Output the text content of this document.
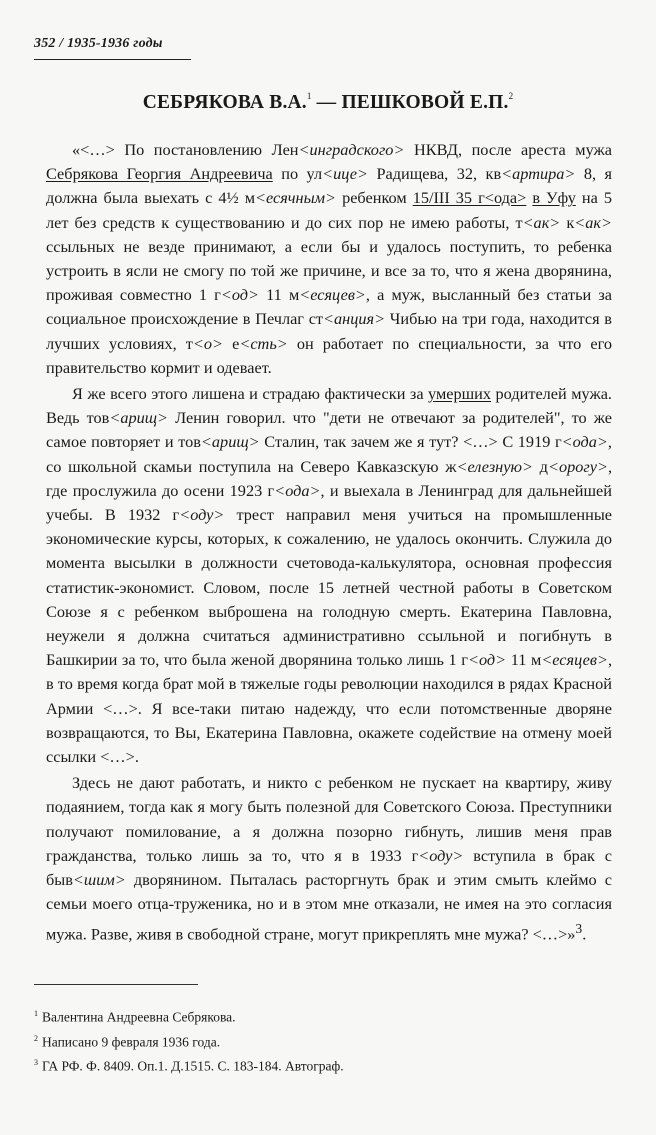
352 / 1935-1936 годы
СЕБРЯКОВА В.А.$^1$ — ПЕШКОВОЙ Е.П.$^2$

«<…> По постановлению Лен<инградского> НКВД, после ареста мужа Себрякова Георгия Андреевича по ул<ице> Радищева, 32, кв<артира> 8, я должна была выехать с 4½ м<есячным> ребенком 15/III 35 г<ода> в Уфу на 5 лет без средств к существованию и до сих пор не имею работы, т<ак> к<ак> ссыльных не везде принимают, а если бы и удалось поступить, то ребенка устроить в ясли не смогу по той же причине, и все за то, что я жена дворянина, проживая совместно 1 г<од> 11 м<есяцев>, а муж, высланный без статьи за социальное происхождение в Печлаг ст<анция> Чибью на три года, находится в лучших условиях, т<о> е<сть> он работает по специальности, за что его правительство кормит и одевает.

Я же всего этого лишена и страдаю фактически за умерших родителей мужа. Ведь тов<арищ> Ленин говорил. что "дети не отвечают за родителей", то же самое повторяет и тов<арищ> Сталин, так зачем же я тут? <…> С 1919 г<ода>, со школьной скамьи поступила на Северо Кавказскую ж<елезную> д<орогу>, где прослужила до осени 1923 г<ода>, и выехала в Ленинград для дальнейшей учебы. В 1932 г<оду> трест направил меня учиться на промышленные экономические курсы, которых, к сожалению, не удалось окончить. Служила до момента высылки в должности счетовода-калькулятора, основная профессия статистик-экономист. Словом, после 15 летней честной работы в Советском Союзе я с ребенком выброшена на голодную смерть. Екатерина Павловна, неужели я должна считаться административно ссыльной и погибнуть в Башкирии за то, что была женой дворянина только лишь 1 г<од> 11 м<есяцев>, в то время когда брат мой в тяжелые годы революции находился в рядах Красной Армии <…>. Я все-таки питаю надежду, что если потомственные дворяне возвращаются, то Вы, Екатерина Павловна, окажете содействие на отмену моей ссылки <…>.

Здесь не дают работать, и никто с ребенком не пускает на квартиру, живу подаянием, тогда как я могу быть полезной для Советского Союза. Преступники получают помилование, а я должна позорно гибнуть, лишив меня прав гражданства, только лишь за то, что я в 1933 г<оду> вступила в брак с быв<шим> дворянином. Пыталась расторгнуть брак и этим смыть клеймо с семьи моего отца-труженика, но и в этом мне отказали, не имея на это согласия мужа. Разве, живя в свободной стране, могут прикреплять мне мужа? <…>»$^3$.

$^1$ Валентина Андреевна Себрякова.
$^2$ Написано 9 февраля 1936 года.
$^3$ ГА РФ. Ф. 8409. Оп.1. Д.1515. С. 183-184. Автограф.
